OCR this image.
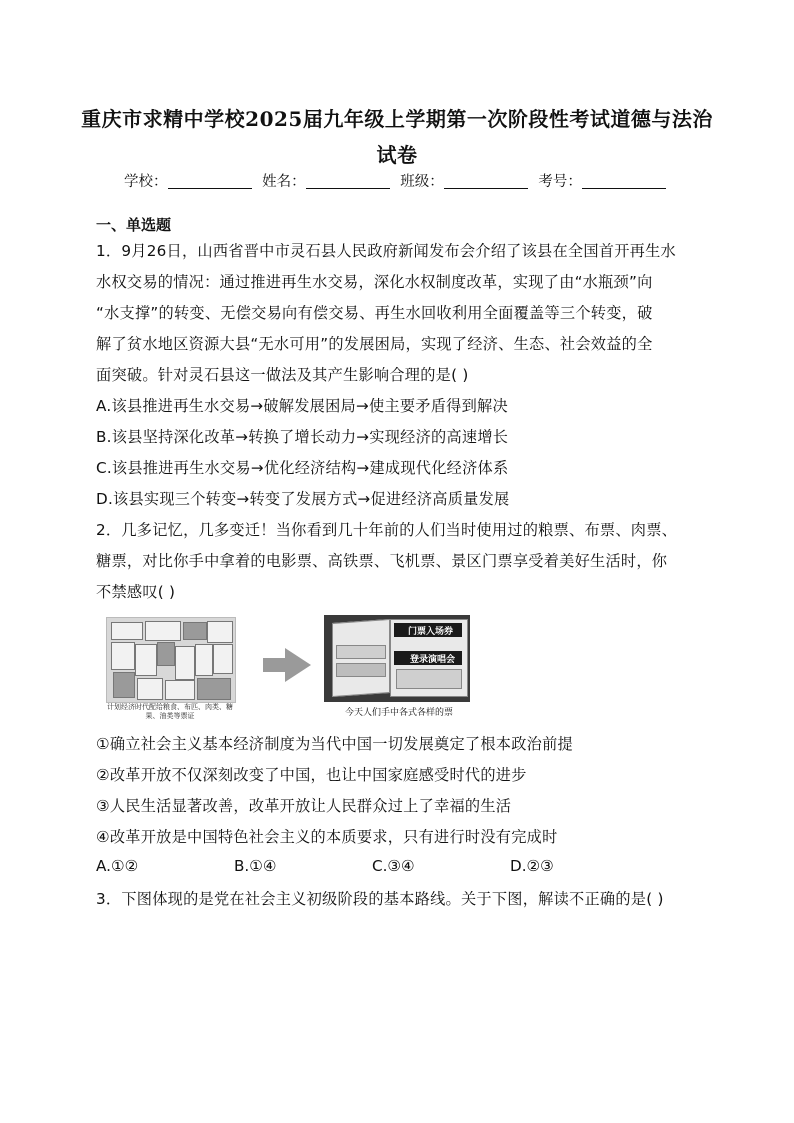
重庆市求精中学校2025届九年级上学期第一次阶段性考试道德与法治
试卷
学校：	姓名：	班级：	考号：
一、单选题
1．9月26日，山西省晋中市灵石县人民政府新闻发布会介绍了该县在全国首开再生水
水权交易的情况：通过推进再生水交易，深化水权制度改革，实现了由“水瓶颈”向
“水支撑”的转变、无偿交易向有偿交易、再生水回收利用全面覆盖等三个转变，破
解了贫水地区资源大县“无水可用”的发展困局，实现了经济、生态、社会效益的全
面突破。针对灵石县这一做法及其产生影响合理的是( )
A.该县推进再生水交易→破解发展困局→使主要矛盾得到解决
B.该县坚持深化改革→转换了增长动力→实现经济的高速增长
C.该县推进再生水交易→优化经济结构→建成现代化经济体系
D.该县实现三个转变→转变了发展方式→促进经济高质量发展
2．几多记忆，几多变迁！当你看到几十年前的人们当时使用过的粮票、布票、肉票、
糖票，对比你手中拿着的电影票、高铁票、飞机票、景区门票享受着美好生活时，你
不禁感叹( )
计划经济时代配给粮食、布匹、肉类、糖果、油类等票证
门票入场券
登录演唱会
今天人们手中各式各样的票
①确立社会主义基本经济制度为当代中国一切发展奠定了根本政治前提
②改革开放不仅深刻改变了中国，也让中国家庭感受时代的进步
③人民生活显著改善，改革开放让人民群众过上了幸福的生活
④改革开放是中国特色社会主义的本质要求，只有进行时没有完成时
A.①②	B.①④	C.③④	D.②③
3．下图体现的是党在社会主义初级阶段的基本路线。关于下图，解读不正确的是( )
